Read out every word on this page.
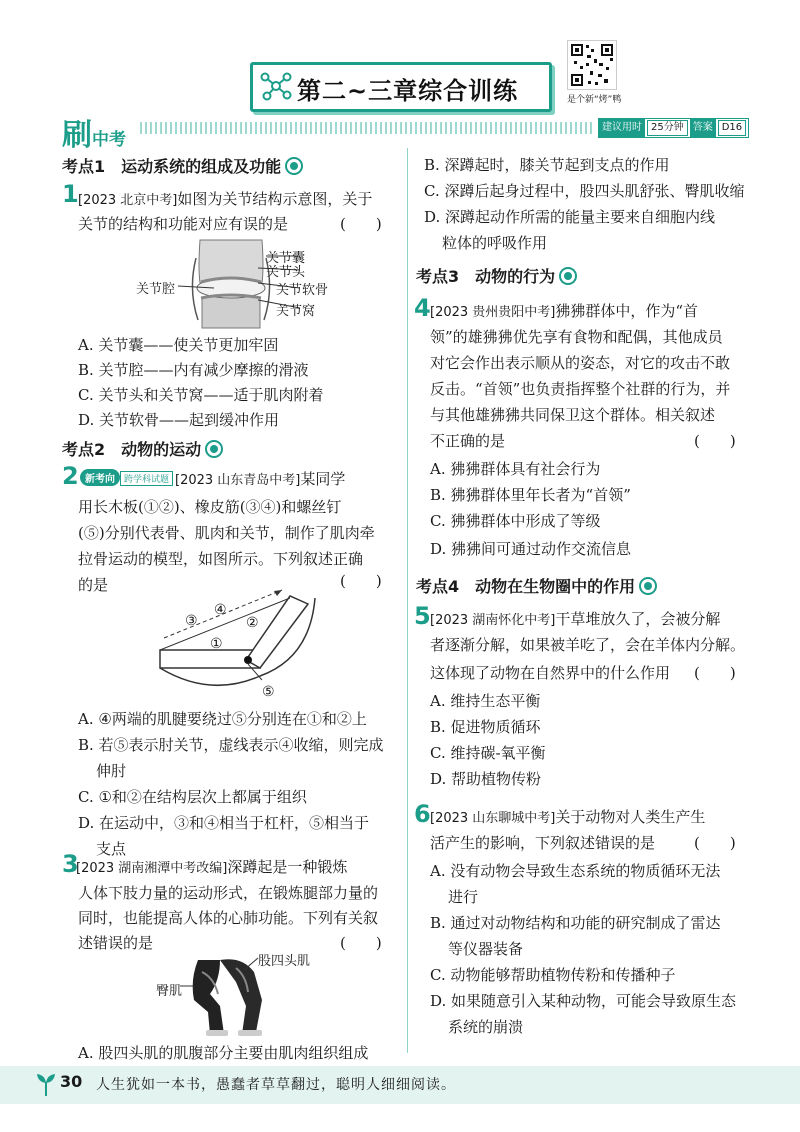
第二~三章综合训练	是个新“烤”鸭
刷中考
建议用时 25分钟 答案 D16
考点1　运动系统的组成及功能
1 [2023 北京中考]如图为关节结构示意图，关于
关节的结构和功能对应有误的是	(　　)
关节囊
关节头
关节腔	关节软骨
关节窝
A. 关节囊——使关节更加牢固
B. 关节腔——内有减少摩擦的滑液
C. 关节头和关节窝——适于肌肉附着
D. 关节软骨——起到缓冲作用
考点2　动物的运动
2 新考向 跨学科试题 [2023 山东青岛中考]某同学
用长木板(①②)、橡皮筋(③④)和螺丝钉
(⑤)分别代表骨、肌肉和关节，制作了肌肉牵
拉骨运动的模型，如图所示。下列叙述正确
的是	(　　)
④
③	②
①
⑤
A. ④两端的肌腱要绕过⑤分别连在①和②上
B. 若⑤表示肘关节，虚线表示④收缩，则完成
伸肘
C. ①和②在结构层次上都属于组织
D. 在运动中，③和④相当于杠杆，⑤相当于
支点
3
[2023 湖南湘潭中考改编]深蹲起是一种锻炼
人体下肢力量的运动形式，在锻炼腿部力量的
同时，也能提高人体的心肺功能。下列有关叙
述错误的是	(　　)
股四头肌
臀肌
A. 股四头肌的肌腹部分主要由肌肉组织组成
B. 深蹲起时，膝关节起到支点的作用
C. 深蹲后起身过程中，股四头肌舒张、臀肌收缩
D. 深蹲起动作所需的能量主要来自细胞内线
粒体的呼吸作用
考点3　动物的行为
4 [2023 贵州贵阳中考]狒狒群体中，作为“首
领”的雄狒狒优先享有食物和配偶，其他成员
对它会作出表示顺从的姿态，对它的攻击不敢
反击。“首领”也负责指挥整个社群的行为，并
与其他雄狒狒共同保卫这个群体。相关叙述
不正确的是	(　　)
A. 狒狒群体具有社会行为
B. 狒狒群体里年长者为“首领”
C. 狒狒群体中形成了等级
D. 狒狒间可通过动作交流信息
考点4　动物在生物圈中的作用
5 [2023 湖南怀化中考]干草堆放久了，会被分解
者逐渐分解，如果被羊吃了，会在羊体内分解。
这体现了动物在自然界中的什么作用 (　　)
A. 维持生态平衡
B. 促进物质循环
C. 维持碳-氧平衡
D. 帮助植物传粉
6 [2023 山东聊城中考]关于动物对人类生产生
活产生的影响，下列叙述错误的是	(　　)
A. 没有动物会导致生态系统的物质循环无法
进行
B. 通过对动物结构和功能的研究制成了雷达
等仪器装备
C. 动物能够帮助植物传粉和传播种子
D. 如果随意引入某种动物，可能会导致原生态
系统的崩溃
30 人生犹如一本书，愚蠢者草草翻过，聪明人细细阅读。
